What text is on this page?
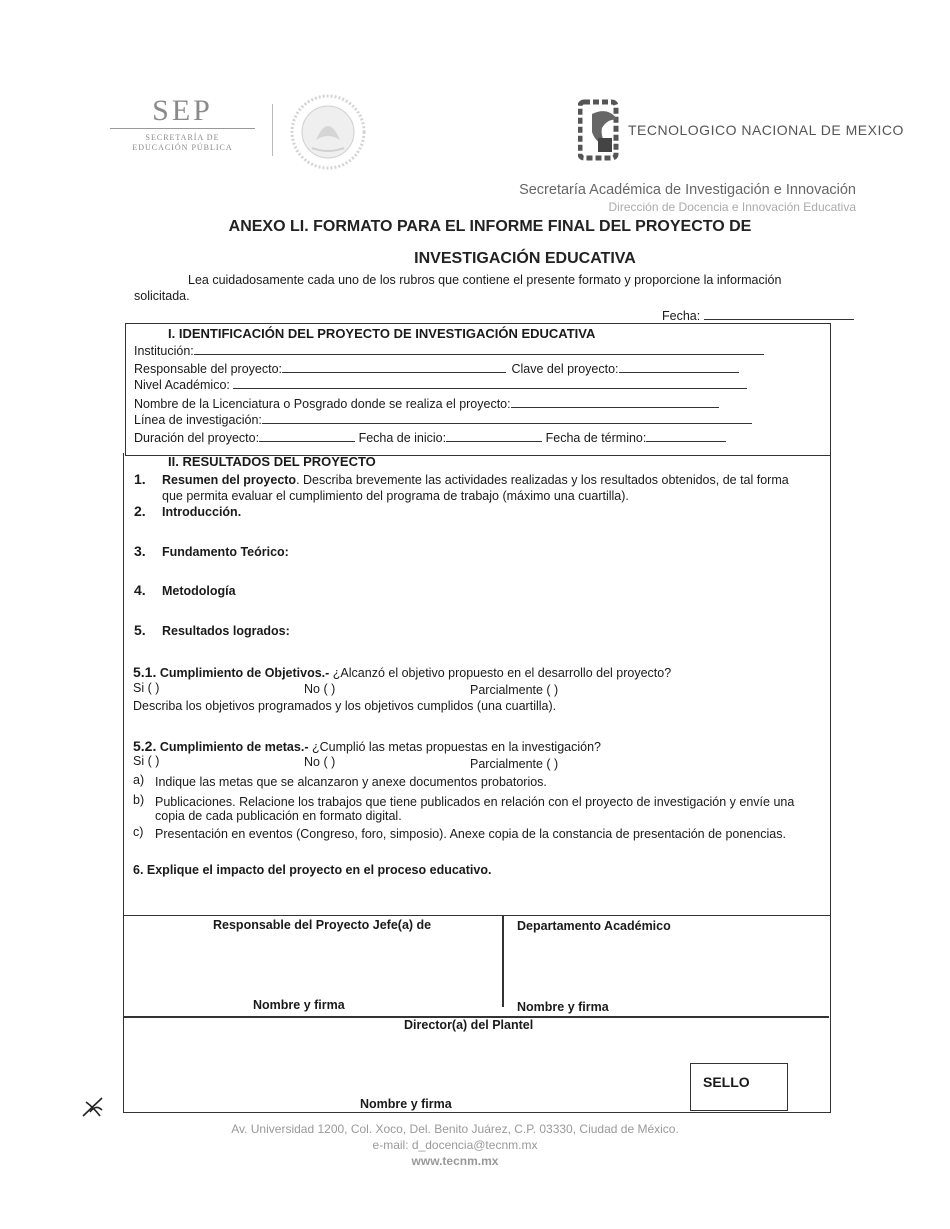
SEP
SECRETARÍA DE
EDUCACIÓN PÚBLICA
TECNOLOGICO NACIONAL DE MEXICO
Secretaría Académica de Investigación e Innovación
Dirección de Docencia e Innovación Educativa
ANEXO LI. FORMATO PARA EL INFORME FINAL DEL PROYECTO DE
INVESTIGACIÓN EDUCATIVA
Lea cuidadosamente cada uno de los rubros que contiene el presente formato y proporcione la información
solicitada.
Fecha:
I. IDENTIFICACIÓN DEL PROYECTO DE INVESTIGACIÓN EDUCATIVA
Institución:
Responsable del proyecto:	Clave del proyecto:
Nivel Académico:
Nombre de la Licenciatura o Posgrado donde se realiza el proyecto:
Línea de investigación:
Duración del proyecto:	Fecha de inicio:	Fecha de término:
II. RESULTADOS DEL PROYECTO
1. Resumen del proyecto. Describa brevemente las actividades realizadas y los resultados obtenidos, de tal forma
que permita evaluar el cumplimiento del programa de trabajo (máximo una cuartilla).
2. Introducción.
3. Fundamento Teórico:
4. Metodología
5. Resultados logrados:
5.1. Cumplimiento de Objetivos.- ¿Alcanzó el objetivo propuesto en el desarrollo del proyecto?
Si ( )	No ( )	Parcialmente ( )
Describa los objetivos programados y los objetivos cumplidos (una cuartilla).
5.2. Cumplimiento de metas.- ¿Cumplió las metas propuestas en la investigación?
Si ( )	No ( )	Parcialmente ( )
a) Indique las metas que se alcanzaron y anexe documentos probatorios.
b) Publicaciones. Relacione los trabajos que tiene publicados en relación con el proyecto de investigación y envíe una
copia de cada publicación en formato digital.
c) Presentación en eventos (Congreso, foro, simposio). Anexe copia de la constancia de presentación de ponencias.
6. Explique el impacto del proyecto en el proceso educativo.
Responsable del Proyecto Jefe(a) de	Departamento Académico
Nombre y firma	Nombre y firma
Director(a) del Plantel
Nombre y firma
SELLO
Av. Universidad 1200, Col. Xoco, Del. Benito Juárez, C.P. 03330, Ciudad de México.
e-mail: d_docencia@tecnm.mx
www.tecnm.mx
